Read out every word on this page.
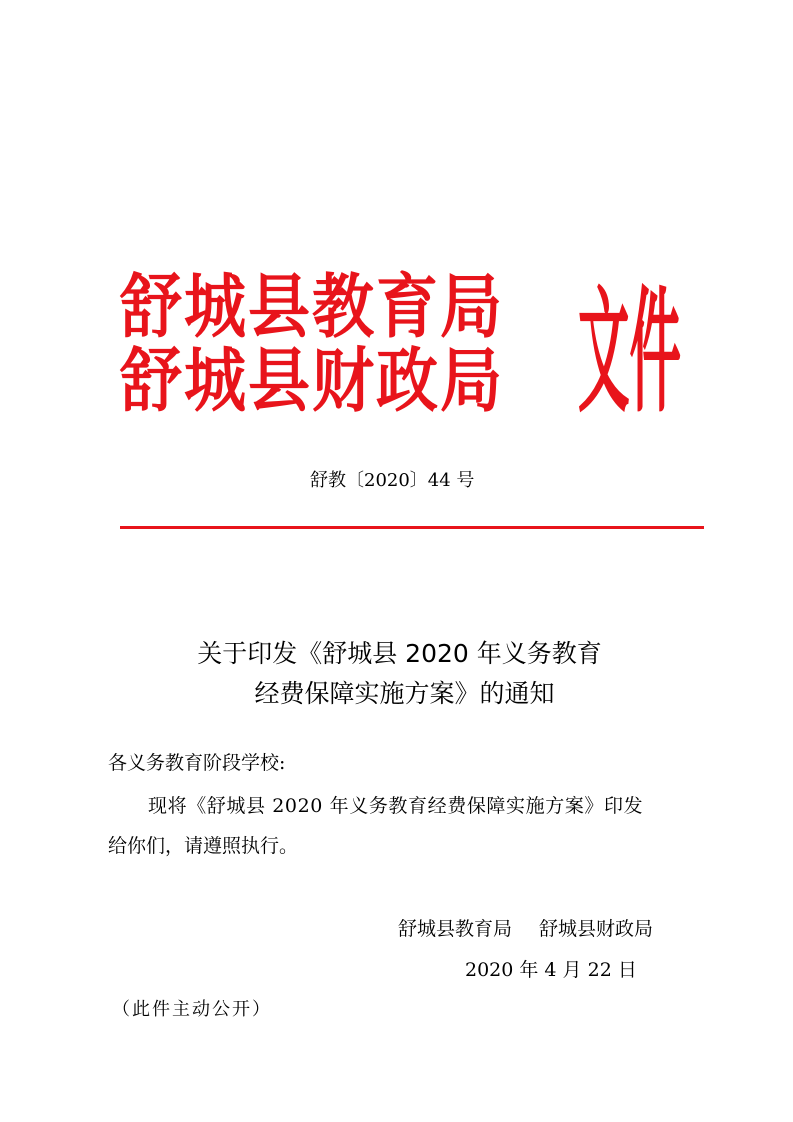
舒城县教育局
舒城县财政局 文件
舒教〔2020〕44 号
关于印发《舒城县 2020 年义务教育
经费保障实施方案》的通知
各义务教育阶段学校:
现将《舒城县 2020 年义务教育经费保障实施方案》印发
给你们，请遵照执行。
舒城县教育局　 舒城县财政局
2020 年 4 月 22 日
（此件主动公开）
